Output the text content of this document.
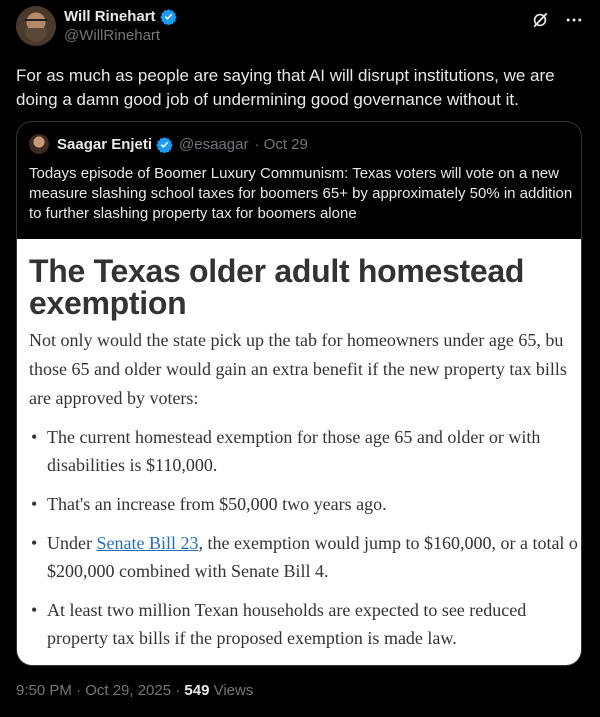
Will Rinehart
@WillRinehart
For as much as people are saying that AI will disrupt institutions, we are doing a damn good job of undermining good governance without it.
Saagar Enjeti @esaagar · Oct 29
Todays episode of Boomer Luxury Communism: Texas voters will vote on a new measure slashing school taxes for boomers 65+ by approximately 50% in addition to further slashing property tax for boomers alone
The Texas older adult homestead exemption
Not only would the state pick up the tab for homeowners under age 65, bu
those 65 and older would gain an extra benefit if the new property tax bills
are approved by voters:
• The current homestead exemption for those age 65 and older or with
disabilities is $110,000.
• That's an increase from $50,000 two years ago.
• Under Senate Bill 23, the exemption would jump to $160,000, or a total o
$200,000 combined with Senate Bill 4.
• At least two million Texan households are expected to see reduced
property tax bills if the proposed exemption is made law.
9:50 PM · Oct 29, 2025 · 549 Views
